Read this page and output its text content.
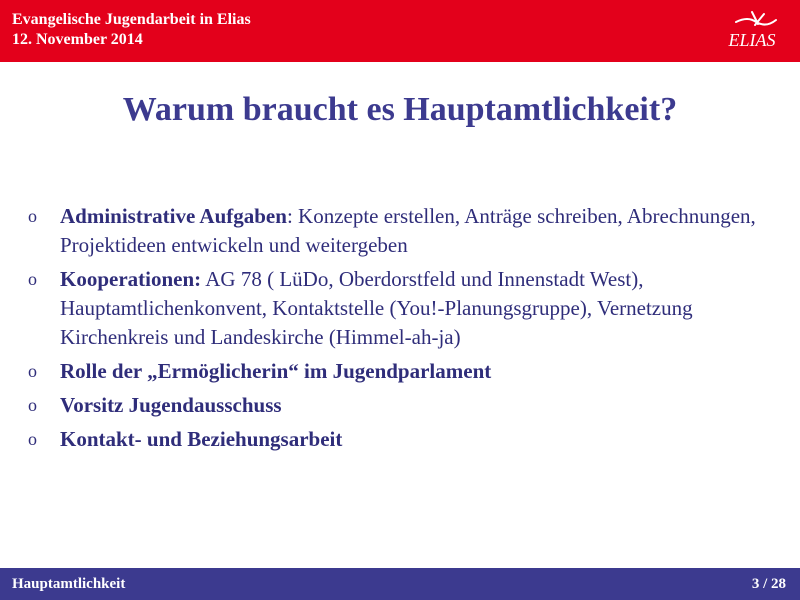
Evangelische Jugendarbeit in Elias
12. November 2014	ELIAS
Warum braucht es Hauptamtlichkeit?
o Administrative Aufgaben: Konzepte erstellen, Anträge schreiben, Abrechnungen, Projektideen entwickeln und weitergeben
o Kooperationen: AG 78 ( LüDo, Oberdorstfeld und Innenstadt West), Hauptamtlichenkonvent, Kontaktstelle (You!-Planungsgruppe), Vernetzung Kirchenkreis und Landeskirche (Himmel-ah-ja)
o Rolle der „Ermöglicherin“ im Jugendparlament
o Vorsitz Jugendausschuss
o Kontakt- und Beziehungsarbeit
Hauptamtlichkeit	3 / 28
